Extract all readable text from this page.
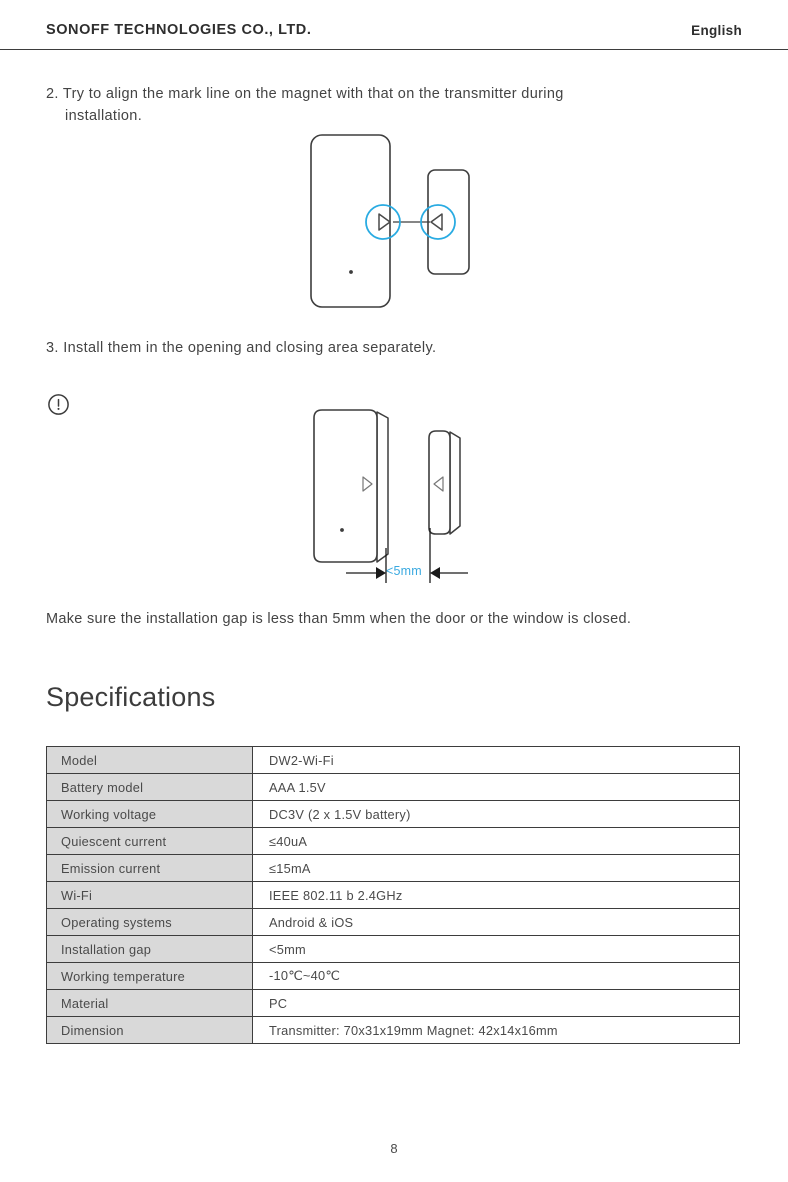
SONOFF TECHNOLOGIES CO., LTD.	English
2. Try to align the mark line on the magnet with that on the transmitter during
installation.
3. Install them in the opening and closing area separately.
<5mm
Make sure the installation gap is less than 5mm when the door or the window is closed.
Specifications
Model	DW2-Wi-Fi
Battery model	AAA 1.5V
Working voltage	DC3V (2 x 1.5V battery)
Quiescent current	≤40uA
Emission current	≤15mA
Wi-Fi	IEEE 802.11 b 2.4GHz
Operating systems	Android & iOS
Installation gap	<5mm
Working temperature	-10℃~40℃
Material	PC
Dimension	Transmitter: 70x31x19mm Magnet: 42x14x16mm
8
